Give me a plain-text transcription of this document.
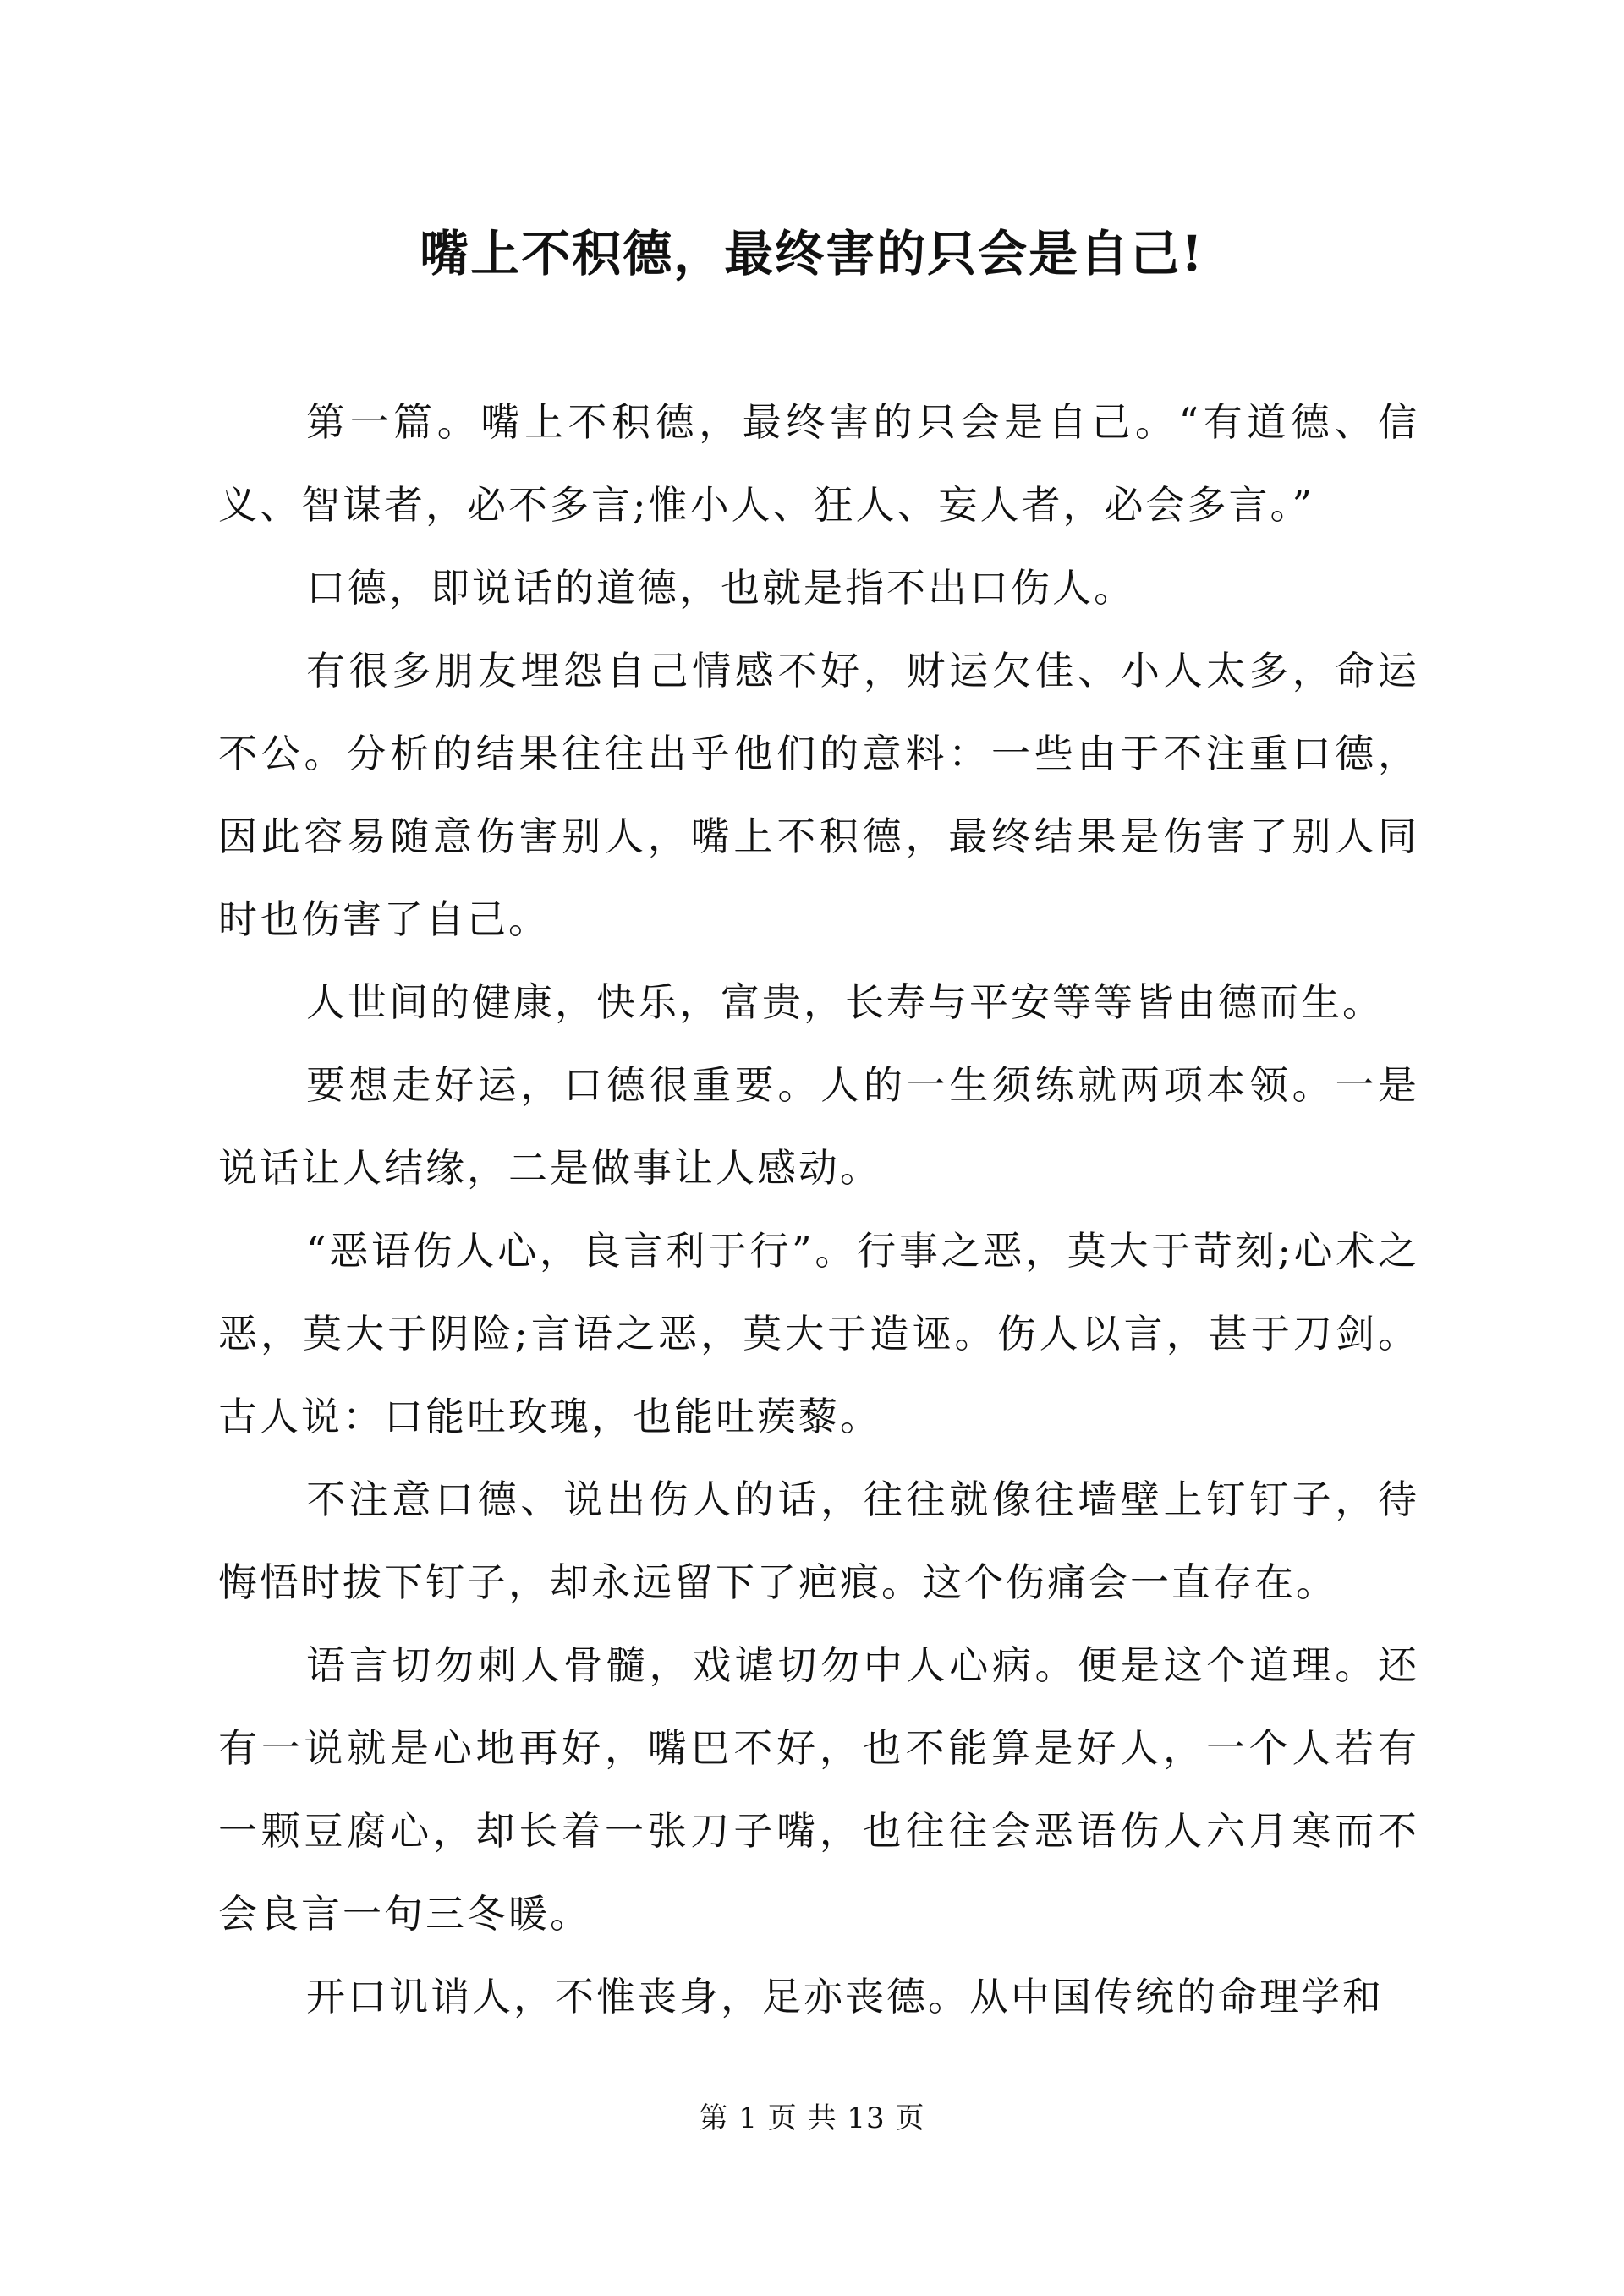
嘴上不积德，最终害的只会是自己!

第一篇。嘴上不积德，最终害的只会是自己。“有道德、信义、智谋者，必不多言;惟小人、狂人、妄人者，必会多言。”

口德，即说话的道德，也就是指不出口伤人。

有很多朋友埋怨自己情感不好，财运欠佳、小人太多，命运不公。分析的结果往往出乎他们的意料：一些由于不注重口德，因此容易随意伤害别人，嘴上不积德，最终结果是伤害了别人同时也伤害了自己。

人世间的健康，快乐，富贵，长寿与平安等等皆由德而生。

要想走好运，口德很重要。人的一生须练就两项本领。一是说话让人结缘，二是做事让人感动。

“恶语伤人心，良言利于行”。行事之恶，莫大于苛刻;心术之恶，莫大于阴险;言语之恶，莫大于造诬。伤人以言，甚于刀剑。古人说：口能吐玫瑰，也能吐蒺藜。

不注意口德、说出伤人的话，往往就像往墙壁上钉钉子，待悔悟时拔下钉子，却永远留下了疤痕。这个伤痛会一直存在。

语言切勿刺人骨髓，戏谑切勿中人心病。便是这个道理。还有一说就是心地再好，嘴巴不好，也不能算是好人，一个人若有一颗豆腐心，却长着一张刀子嘴，也往往会恶语伤人六月寒而不会良言一句三冬暖。

开口讥诮人，不惟丧身，足亦丧德。从中国传统的命理学和

第 1 页 共 13 页
